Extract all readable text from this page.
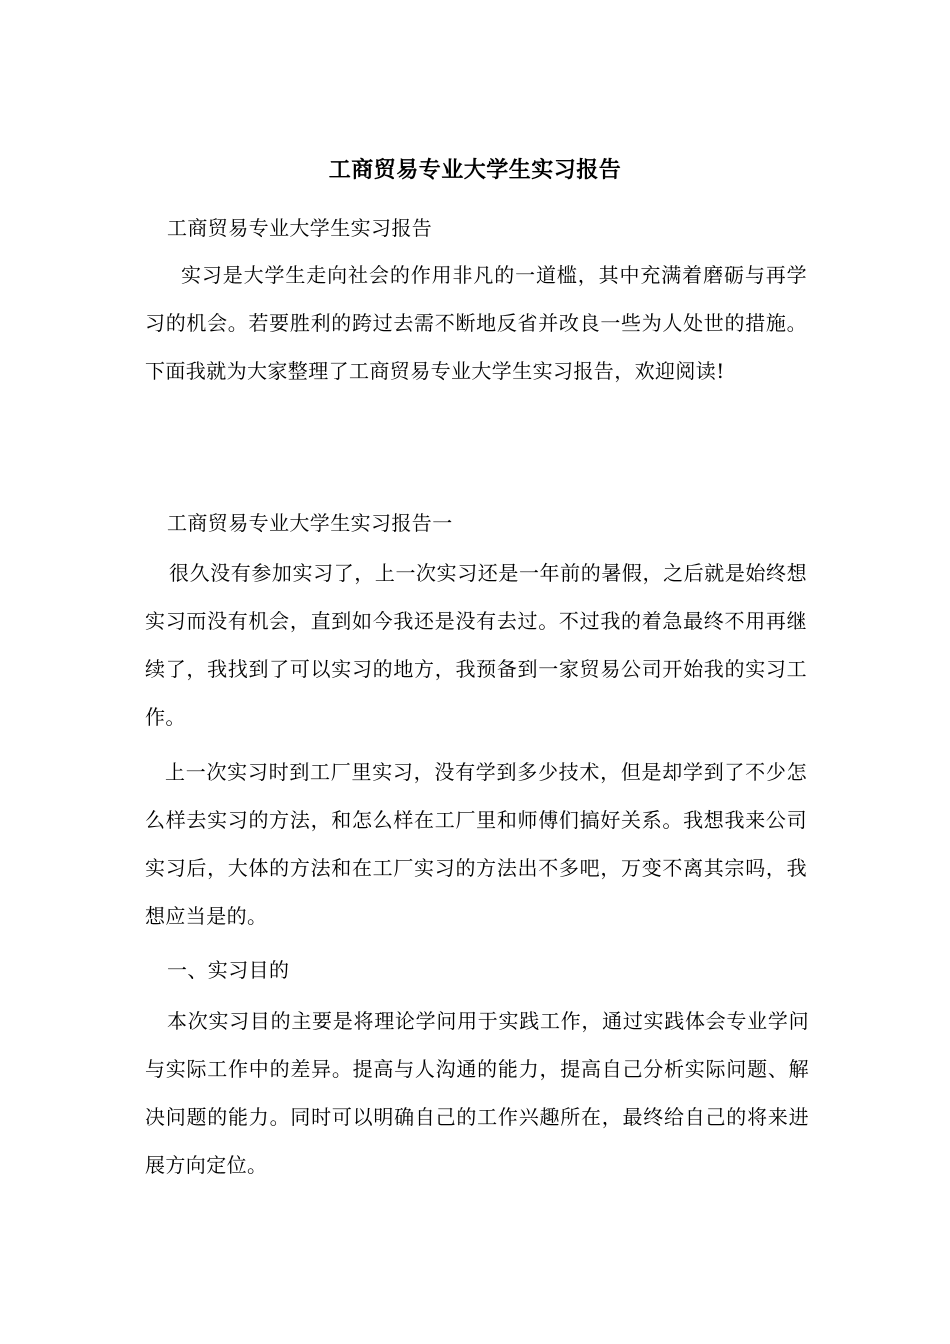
工商贸易专业大学生实习报告
工商贸易专业大学生实习报告
实习是大学生走向社会的作用非凡的一道槛，其中充满着磨砺与再学习的机会。若要胜利的跨过去需不断地反省并改良一些为人处世的措施。下面我就为大家整理了工商贸易专业大学生实习报告，欢迎阅读!
工商贸易专业大学生实习报告一
很久没有参加实习了，上一次实习还是一年前的暑假，之后就是始终想实习而没有机会，直到如今我还是没有去过。不过我的着急最终不用再继续了，我找到了可以实习的地方，我预备到一家贸易公司开始我的实习工作。
上一次实习时到工厂里实习，没有学到多少技术，但是却学到了不少怎么样去实习的方法，和怎么样在工厂里和师傅们搞好关系。我想我来公司实习后，大体的方法和在工厂实习的方法出不多吧，万变不离其宗吗，我想应当是的。
一、实习目的
本次实习目的主要是将理论学问用于实践工作，通过实践体会专业学问与实际工作中的差异。提高与人沟通的能力，提高自己分析实际问题、解决问题的能力。同时可以明确自己的工作兴趣所在，最终给自己的将来进展方向定位。
